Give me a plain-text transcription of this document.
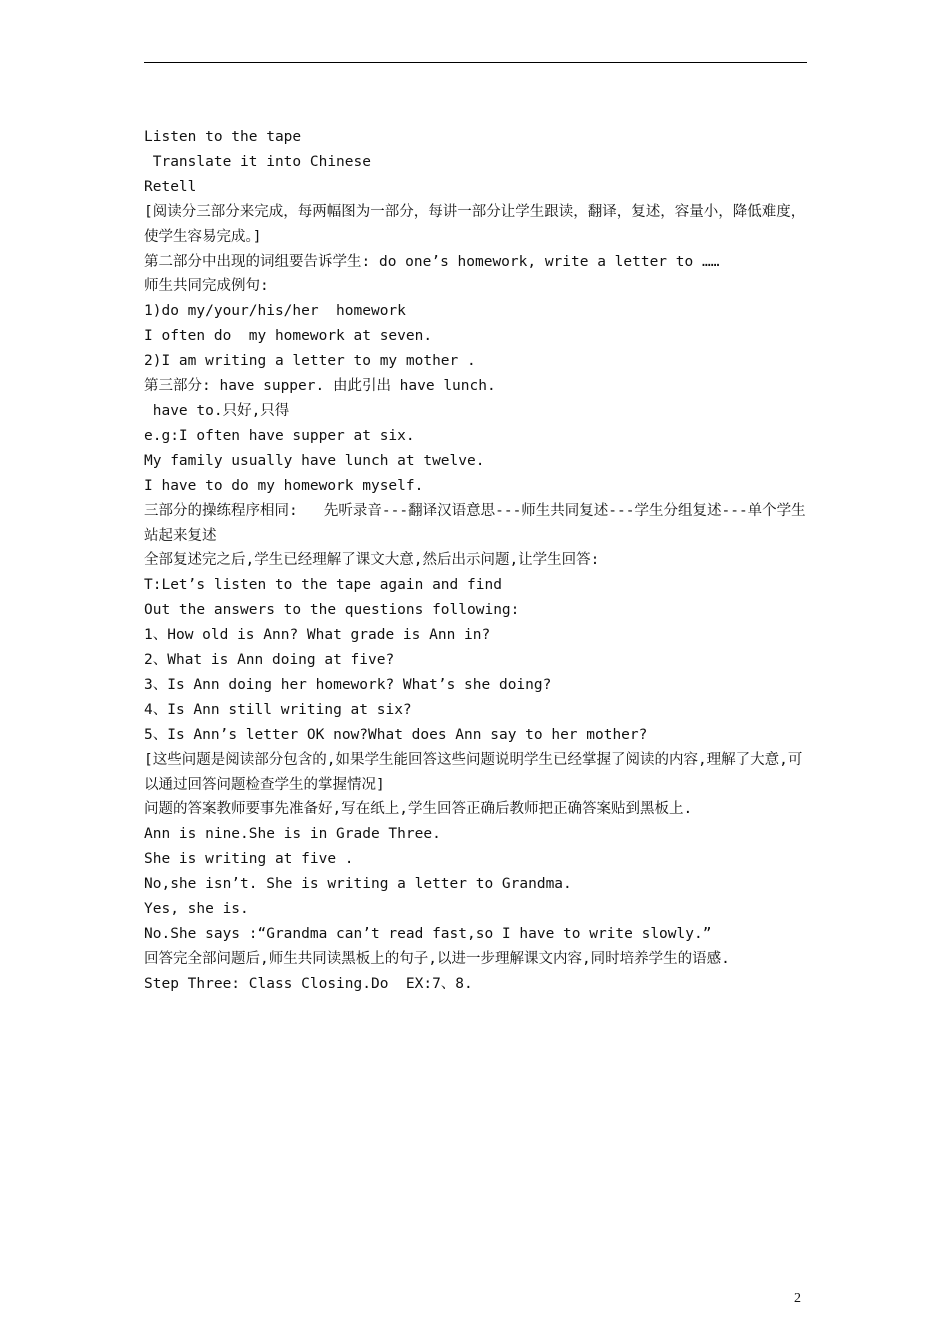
Listen to the tape

Translate it into Chinese

Retell

[阅读分三部分来完成，每两幅图为一部分，每讲一部分让学生跟读，翻译，复述，容量小，降低难度，使学生容易完成。]

第二部分中出现的词组要告诉学生: do one’s homework, write a letter to ……

师生共同完成例句:

1)do my/your/his/her  homework

I often do  my homework at seven.

2)I am writing a letter to my mother .

第三部分: have supper. 由此引出 have lunch.

have to.只好,只得

e.g:I often have supper at six.

My family usually have lunch at twelve.

I have to do my homework myself.

三部分的操练程序相同:   先听录音---翻译汉语意思---师生共同复述---学生分组复述---单个学生站起来复述

全部复述完之后,学生已经理解了课文大意,然后出示问题,让学生回答:

T:Let’s listen to the tape again and find

Out the answers to the questions following:

1、How old is Ann? What grade is Ann in?

2、What is Ann doing at five?

3、Is Ann doing her homework? What’s she doing?

4、Is Ann still writing at six?

5、Is Ann’s letter OK now?What does Ann say to her mother?

[这些问题是阅读部分包含的,如果学生能回答这些问题说明学生已经掌握了阅读的内容,理解了大意,可以通过回答问题检查学生的掌握情况]

问题的答案教师要事先准备好,写在纸上,学生回答正确后教师把正确答案贴到黑板上.

Ann is nine.She is in Grade Three.

She is writing at five .

No,she isn’t. She is writing a letter to Grandma.

Yes, she is.

No.She says :“Grandma can’t read fast,so I have to write slowly.”

回答完全部问题后,师生共同读黑板上的句子,以进一步理解课文内容,同时培养学生的语感.

Step Three: Class Closing.Do  EX:7、8.

2
